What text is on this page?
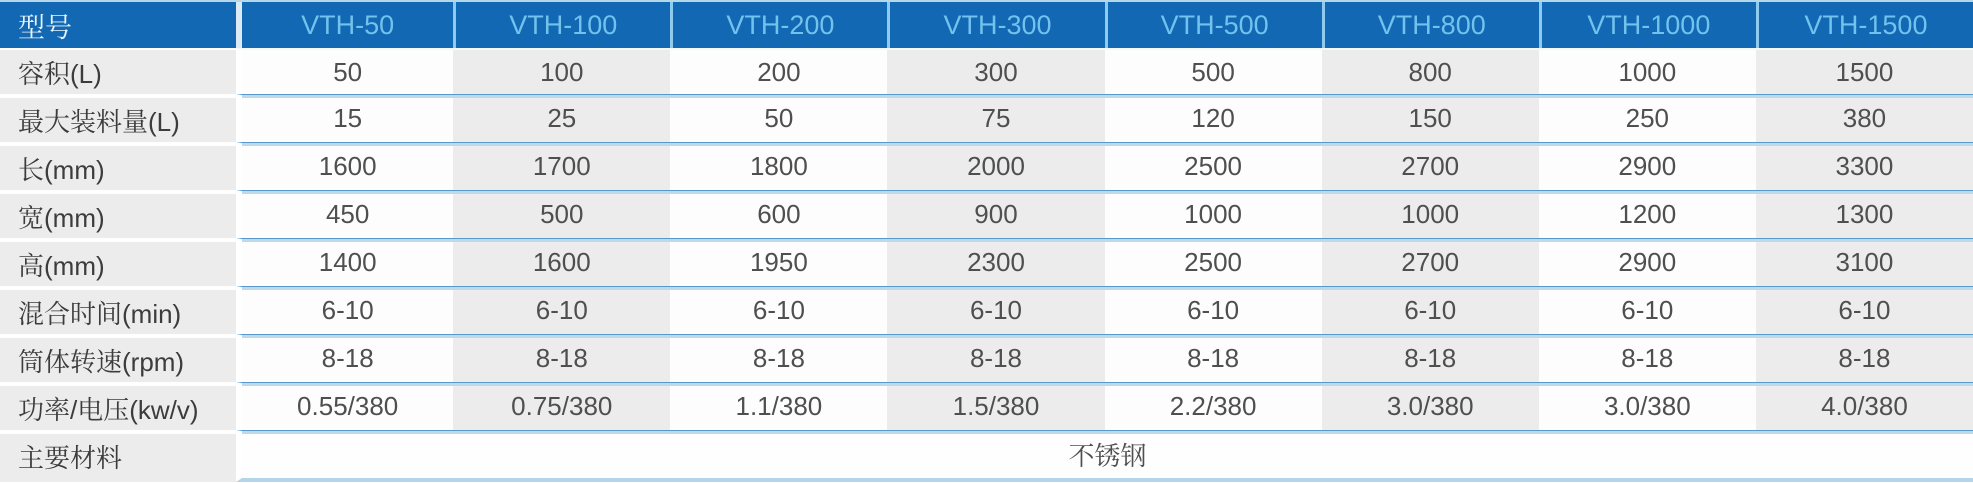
型号	VTH-50	VTH-100	VTH-200	VTH-300	VTH-500	VTH-800	VTH-1000	VTH-1500
容积(L)	50	100	200	300	500	800	1000	1500
最大装料量(L)	15	25	50	75	120	150	250	380
长(mm)	1600	1700	1800	2000	2500	2700	2900	3300
宽(mm)	450	500	600	900	1000	1000	1200	1300
高(mm)	1400	1600	1950	2300	2500	2700	2900	3100
混合时间(min)	6-10	6-10	6-10	6-10	6-10	6-10	6-10	6-10
筒体转速(rpm)	8-18	8-18	8-18	8-18	8-18	8-18	8-18	8-18
功率/电压(kw/v)	0.55/380	0.75/380	1.1/380	1.5/380	2.2/380	3.0/380	3.0/380	4.0/380
主要材料	不锈钢							
